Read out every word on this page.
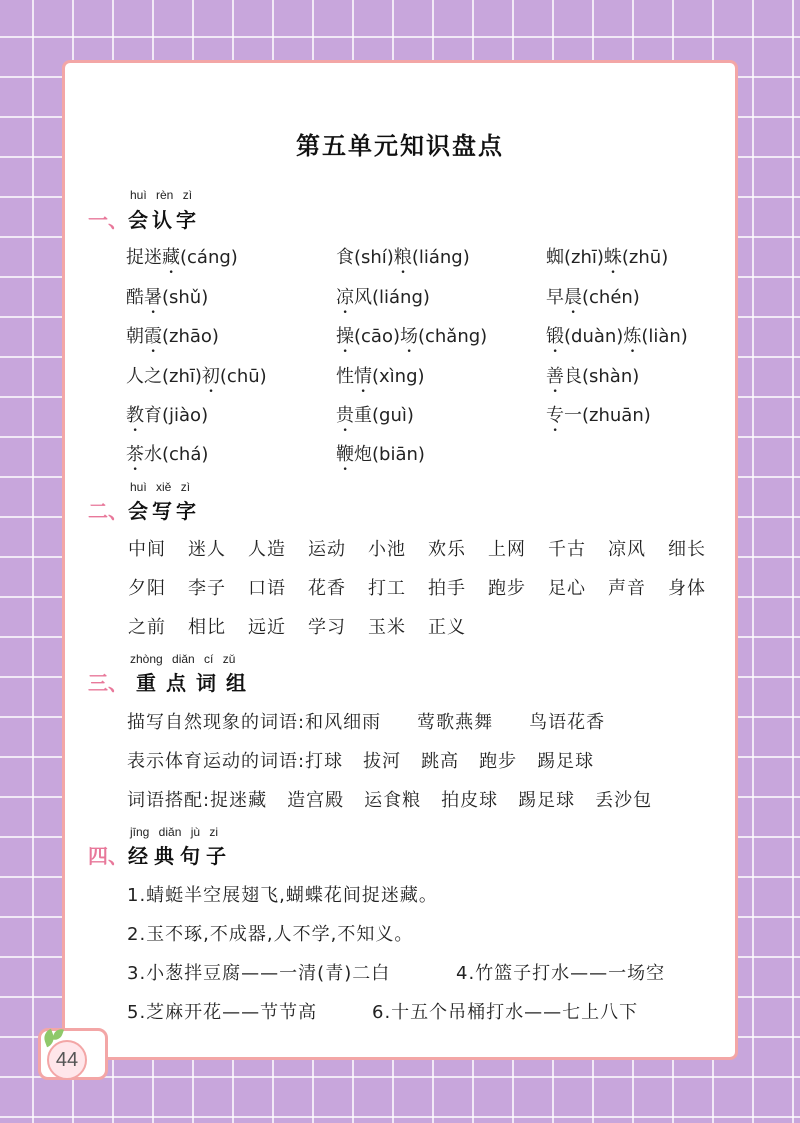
44
第五单元知识盘点
huì rèn zì
一、 会认字
捉迷藏(cáng)	食(shí)粮(liáng)	蜘(zhī)蛛(zhū)
酷暑(shǔ)	凉风(liáng)	早晨(chén)
朝霞(zhāo)	操(cāo)场(chǎng)	锻(duàn)炼(liàn)
人之(zhī)初(chū)	性情(xìng)	善良(shàn)
教育(jiào)	贵重(guì)	专一(zhuān)
茶水(chá)	鞭炮(biān)
huì xiě zì
二、 会写字
中间	迷人	人造	运动	小池	欢乐	上网	千古	凉风	细长
夕阳	李子	口语	花香	打工	拍手	跑步	足心	声音	身体
之前	相比	远近	学习	玉米	正义
zhòng diǎn cí zǔ
三、 重点词组
描写自然现象的词语:和风细雨 莺歌燕舞 鸟语花香
表示体育运动的词语:打球 拔河 跳高 跑步 踢足球
词语搭配:捉迷藏 造宫殿 运食粮 拍皮球 踢足球 丢沙包
jīng diǎn jù zi
四、 经典句子
1.蜻蜓半空展翅飞,蝴蝶花间捉迷藏。
2.玉不琢,不成器,人不学,不知义。
3.小葱拌豆腐——一清(青)二白	4.竹篮子打水——一场空
5.芝麻开花——节节高	6.十五个吊桶打水——七上八下
